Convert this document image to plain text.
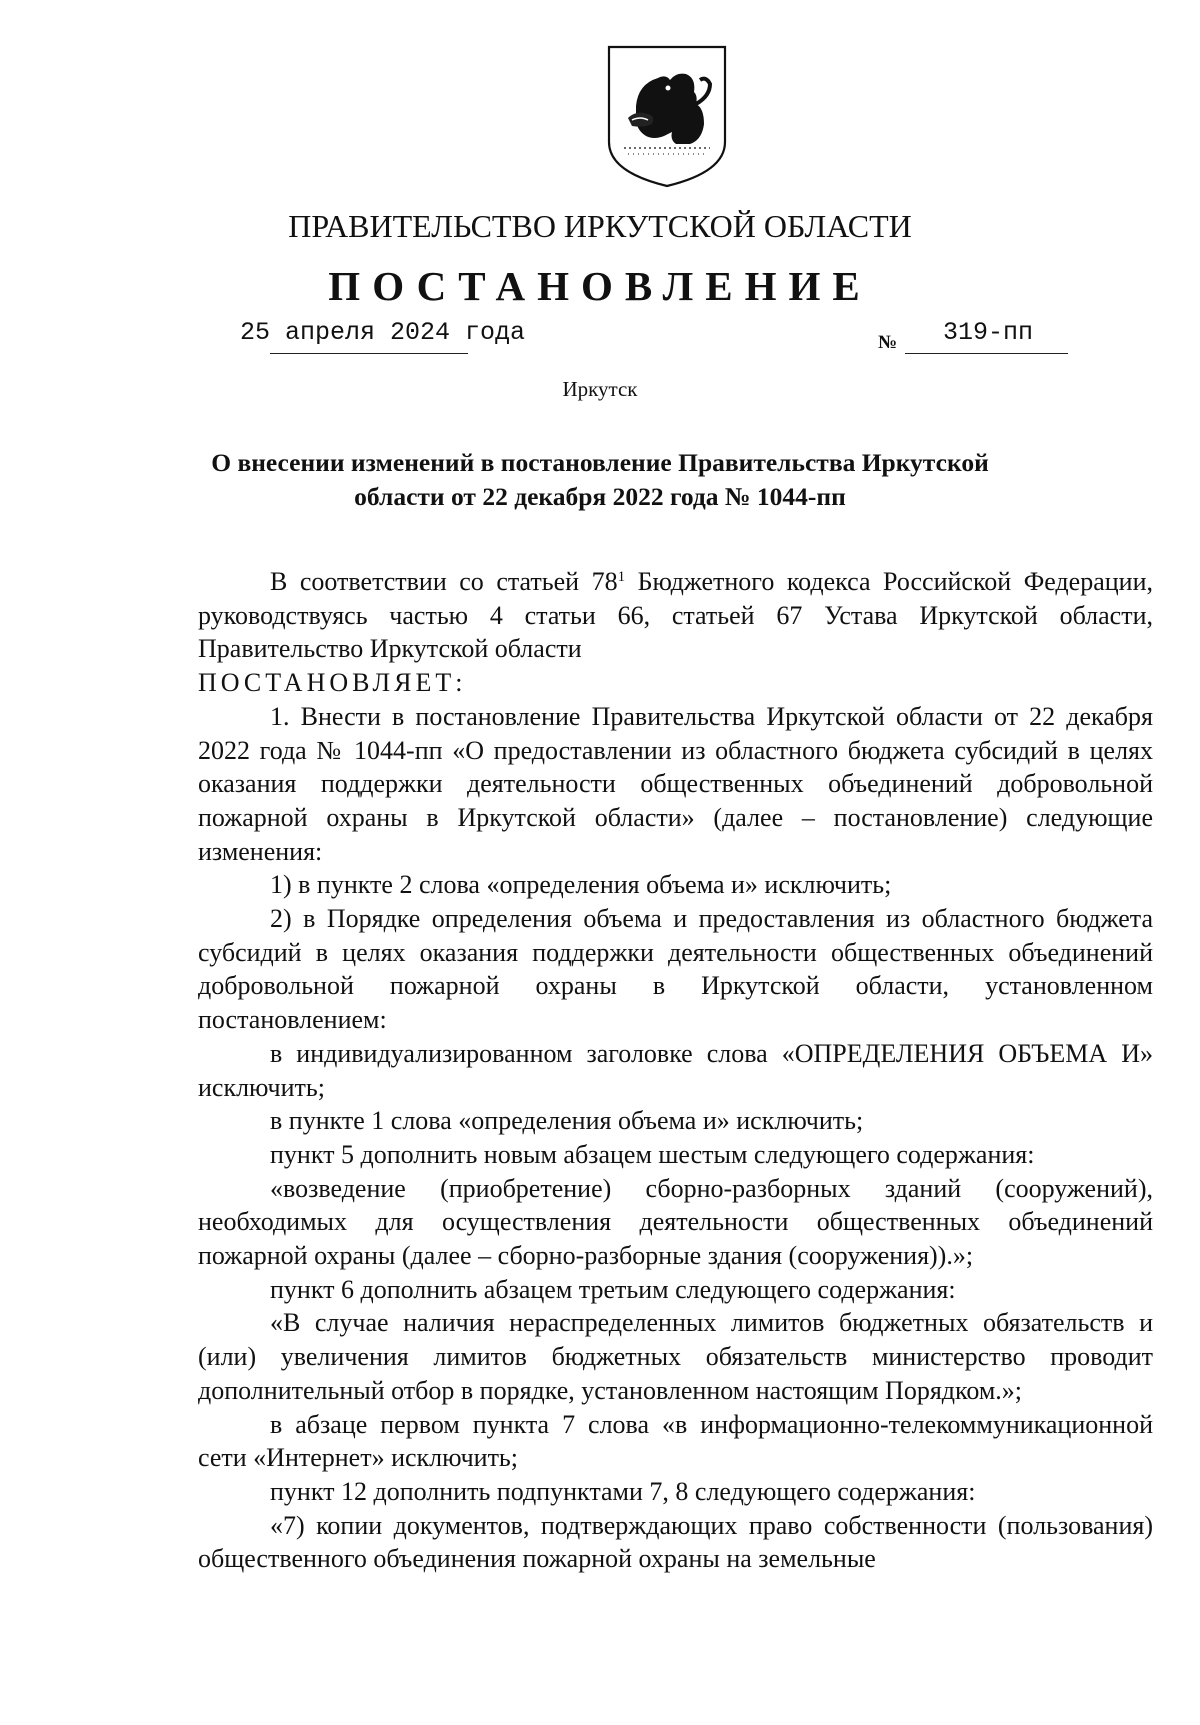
ПРАВИТЕЛЬСТВО ИРКУТСКОЙ ОБЛАСТИ
ПОСТАНОВЛЕНИЕ
25 апреля 2024 года	№ 319-пп
Иркутск
О внесении изменений в постановление Правительства Иркутской
области от 22 декабря 2022 года № 1044-пп

В соответствии со статьей $78^1$ Бюджетного кодекса Российской Федерации, руководствуясь частью 4 статьи 66, статьей 67 Устава Иркутской области, Правительство Иркутской области

ПОСТАНОВЛЯЕТ:

1. Внести в постановление Правительства Иркутской области от 22 декабря 2022 года № 1044-пп «О предоставлении из областного бюджета субсидий в целях оказания поддержки деятельности общественных объединений добровольной пожарной охраны в Иркутской области» (далее – постановление) следующие изменения:

1) в пункте 2 слова «определения объема и» исключить;

2) в Порядке определения объема и предоставления из областного бюджета субсидий в целях оказания поддержки деятельности общественных объединений добровольной пожарной охраны в Иркутской области, установленном постановлением:

в индивидуализированном заголовке слова «ОПРЕДЕЛЕНИЯ ОБЪЕМА И» исключить;

в пункте 1 слова «определения объема и» исключить;

пункт 5 дополнить новым абзацем шестым следующего содержания:

«возведение (приобретение) сборно-разборных зданий (сооружений), необходимых для осуществления деятельности общественных объединений пожарной охраны (далее – сборно-разборные здания (сооружения)).»;

пункт 6 дополнить абзацем третьим следующего содержания:

«В случае наличия нераспределенных лимитов бюджетных обязательств и (или) увеличения лимитов бюджетных обязательств министерство проводит дополнительный отбор в порядке, установленном настоящим Порядком.»;

в абзаце первом пункта 7 слова «в информационно-телекоммуникационной сети «Интернет» исключить;

пункт 12 дополнить подпунктами 7, 8 следующего содержания:

«7) копии документов, подтверждающих право собственности (пользования) общественного объединения пожарной охраны на земельные
